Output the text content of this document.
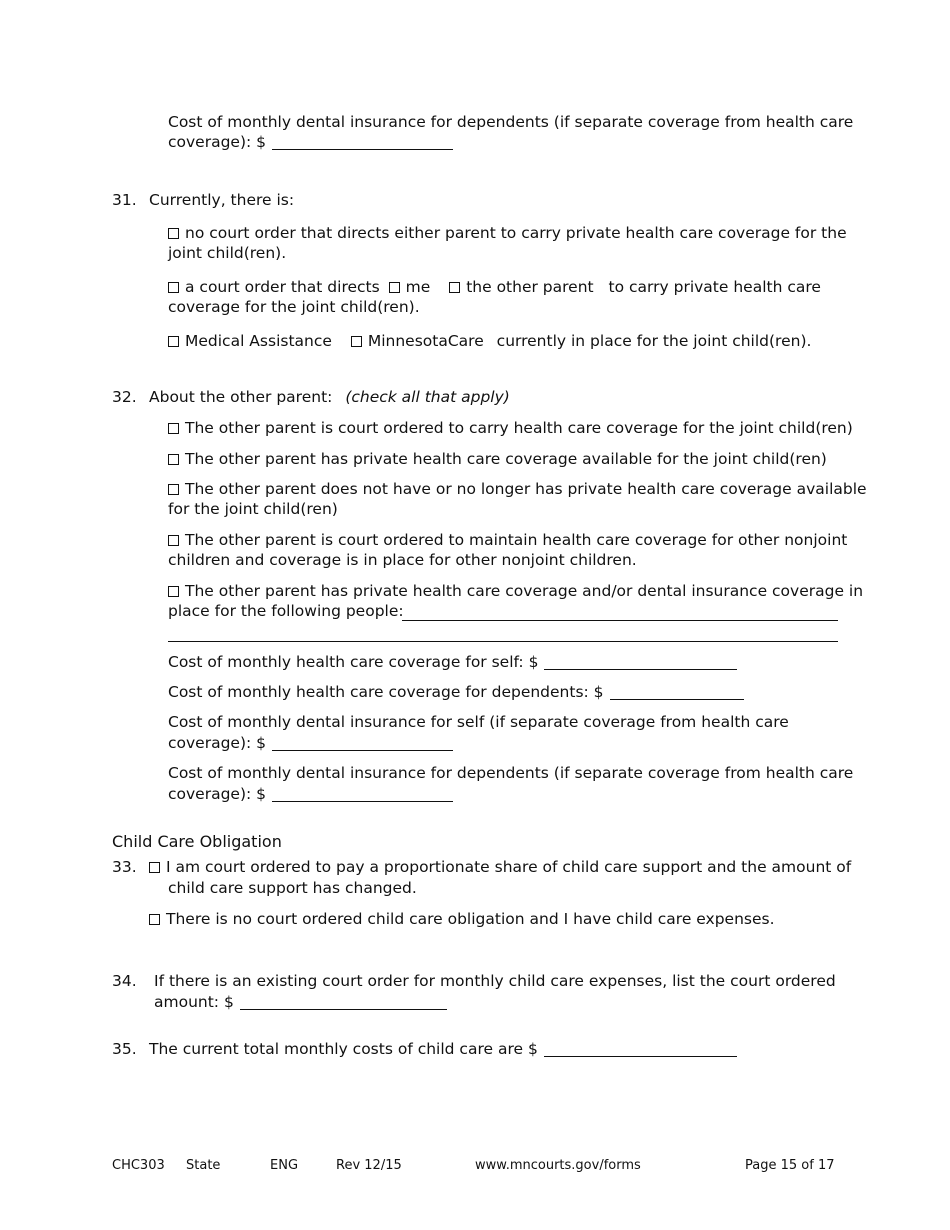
Cost of monthly dental insurance for dependents (if separate coverage from health care
coverage): $
31. Currently, there is:
no court order that directs either parent to carry private health care coverage for the
joint child(ren).
a court order that directs me the other parent to carry private health care
coverage for the joint child(ren).
Medical Assistance MinnesotaCare currently in place for the joint child(ren).
32. About the other parent: (check all that apply)
The other parent is court ordered to carry health care coverage for the joint child(ren)
The other parent has private health care coverage available for the joint child(ren)
The other parent does not have or no longer has private health care coverage available
for the joint child(ren)
The other parent is court ordered to maintain health care coverage for other nonjoint
children and coverage is in place for other nonjoint children.
The other parent has private health care coverage and/or dental insurance coverage in
place for the following people:
Cost of monthly health care coverage for self: $
Cost of monthly health care coverage for dependents: $
Cost of monthly dental insurance for self (if separate coverage from health care
coverage): $
Cost of monthly dental insurance for dependents (if separate coverage from health care
coverage): $
Child Care Obligation
33.	I am court ordered to pay a proportionate share of child care support and the amount of
child care support has changed.
There is no court ordered child care obligation and I have child care expenses.
34. If there is an existing court order for monthly child care expenses, list the court ordered
amount: $
35. The current total monthly costs of child care are $
CHC303 State	ENG	Rev 12/15	www.mncourts.gov/forms	Page 15 of 17
